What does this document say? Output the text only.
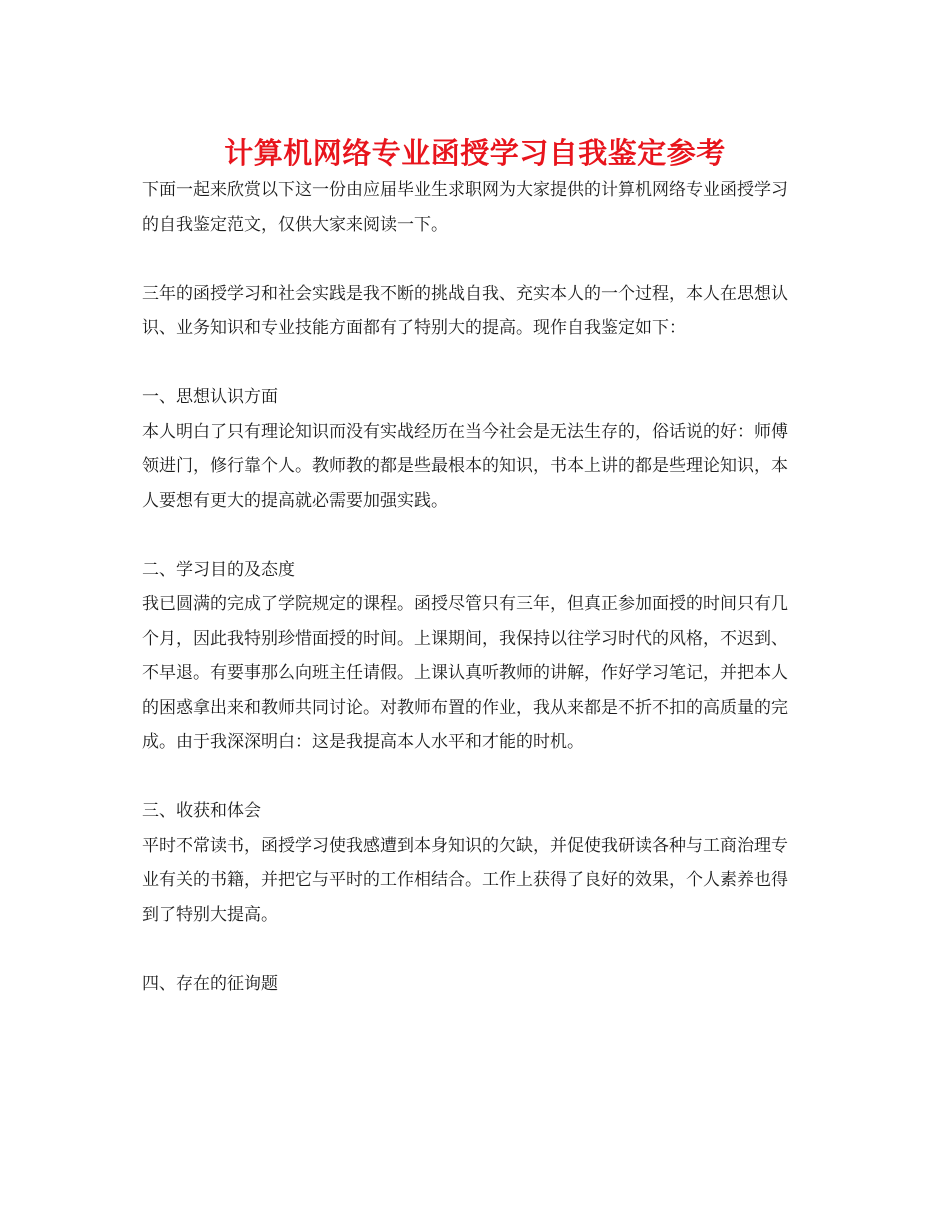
计算机网络专业函授学习自我鉴定参考

下面一起来欣赏以下这一份由应届毕业生求职网为大家提供的计算机网络专业函授学习的自我鉴定范文，仅供大家来阅读一下。

三年的函授学习和社会实践是我不断的挑战自我、充实本人的一个过程，本人在思想认识、业务知识和专业技能方面都有了特别大的提高。现作自我鉴定如下：

一、思想认识方面

本人明白了只有理论知识而没有实战经历在当今社会是无法生存的，俗话说的好：师傅领进门，修行靠个人。教师教的都是些最根本的知识，书本上讲的都是些理论知识，本人要想有更大的提高就必需要加强实践。

二、学习目的及态度

我已圆满的完成了学院规定的课程。函授尽管只有三年，但真正参加面授的时间只有几个月，因此我特别珍惜面授的时间。上课期间，我保持以往学习时代的风格，不迟到、不早退。有要事那么向班主任请假。上课认真听教师的讲解，作好学习笔记，并把本人的困惑拿出来和教师共同讨论。对教师布置的作业，我从来都是不折不扣的高质量的完成。由于我深深明白：这是我提高本人水平和才能的时机。

三、收获和体会

平时不常读书，函授学习使我感遭到本身知识的欠缺，并促使我研读各种与工商治理专业有关的书籍，并把它与平时的工作相结合。工作上获得了良好的效果，个人素养也得到了特别大提高。

四、存在的征询题
